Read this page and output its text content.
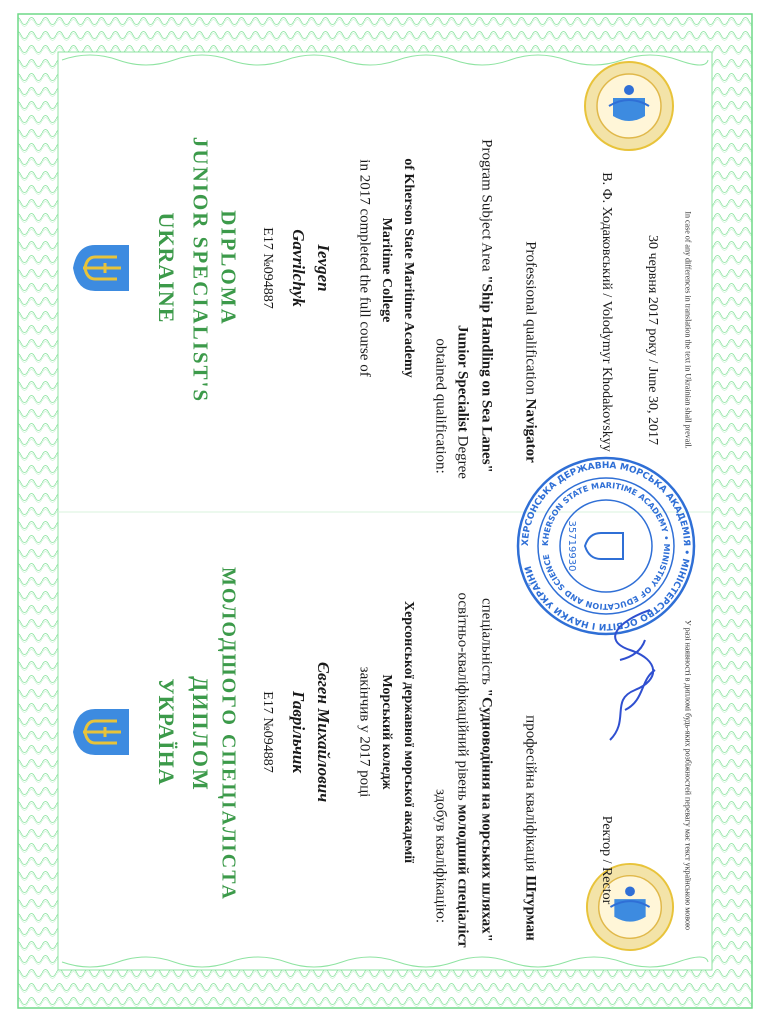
ХЕРСОНСЬКА ДЕРЖАВНА МОРСЬКА АКАДЕМІЯ • МІНІСТЕРСТВО ОСВІТИ І НАУКИ УКРАЇНИ
KHERSON STATE MARITIME ACADEMY • MINISTRY OF EDUCATION AND SCIENCE	35719930
UKRAINE JUNIOR SPECIALIST'S DIPLOMA E17 №094887 Gavrilchyk Ievgen in 2017 completed the full course of Maritime College of Kherson State Maritime Academy
obtained qualification: Junior Specialist Degree
Program Subject Area "Ship Handling on Sea Lanes" Professional qualification Navigator	В. Ф. Ходаковський / Volodymyr Khodakovskyy 30 червня 2017 року / June 30, 2017	In case of any differences in translation the text in Ukrainian shall prevail.
УКРАЇНА ДИПЛОМ МОЛОДШОГО СПЕЦІАЛІСТА E17 №094887 Гаврільчик Євген Михайлович закінчив у 2017 році Морський коледж Херсонської державної морської академії здобув кваліфікацію:
освітньо-кваліфікаційний рівень молодший спеціаліст
спеціальність "Судноводіння на морських шляхах" професійна кваліфікація Штурман
Ректор / Rector	У разі наявності в дипломі будь-яких розбіжностей перевагу має текст українською мовою
